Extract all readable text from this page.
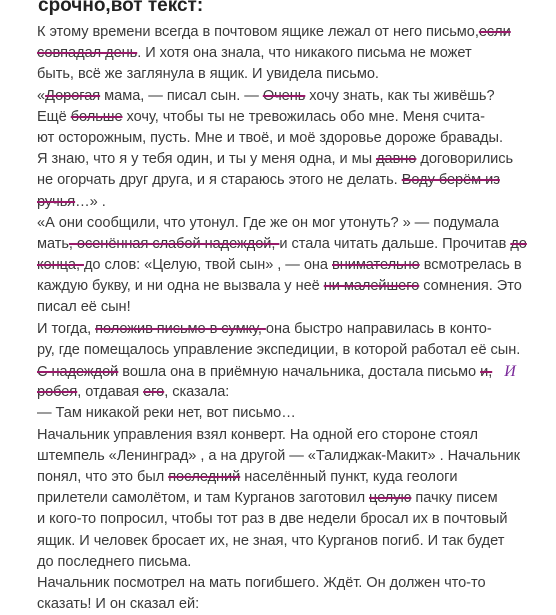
срочно,вот текст:
К этому времени всегда в почтовом ящике лежал от него письмо,если
совпадал день. И хотя она знала, что никакого письма не может
быть, всё же заглянула в ящик. И увидела письмо.
«Дорогая мама, — писал сын. — Очень хочу знать, как ты живёшь?
Ещё больше хочу, чтобы ты не тревожилась обо мне. Меня счита-
ют осторожным, пусть. Мне и твоё, и моё здоровье дороже бравады.
Я знаю, что я у тебя один, и ты у меня одна, и мы давно договорились
не огорчать друг друга, и я стараюсь этого не делать. Воду берём из
ручья…» .
«А они сообщили, что утонул. Где же он мог утонуть? » — подумала
мать, осенённая слабой надеждой, и стала читать дальше. Прочитав до
конца, до слов: «Целую, твой сын» , — она внимательно всмотрелась в
каждую букву, и ни одна не вызвала у неё ни малейшего сомнения. Это
писал её сын!
И тогда, положив письмо в сумку, она быстро направилась в конто-
ру, где помещалось управление экспедиции, в которой работал её сын.
С надеждой вошла она в приёмную начальника, достала письмо и, И
робея, отдавая его, сказала:
— Там никакой реки нет, вот письмо…
Начальник управления взял конверт. На одной его стороне стоял
штемпель «Ленинград» , а на другой — «Талиджак-Макит» . Начальник
понял, что это был последний населённый пункт, куда геологи
прилетели самолётом, и там Курганов заготовил целую пачку писем
и кого-то попросил, чтобы тот раз в две недели бросал их в почтовый
ящик. И человек бросает их, не зная, что Курганов погиб. И так будет
до последнего письма.
Начальник посмотрел на мать погибшего. Ждёт. Он должен что-то
сказать! И он сказал ей:
